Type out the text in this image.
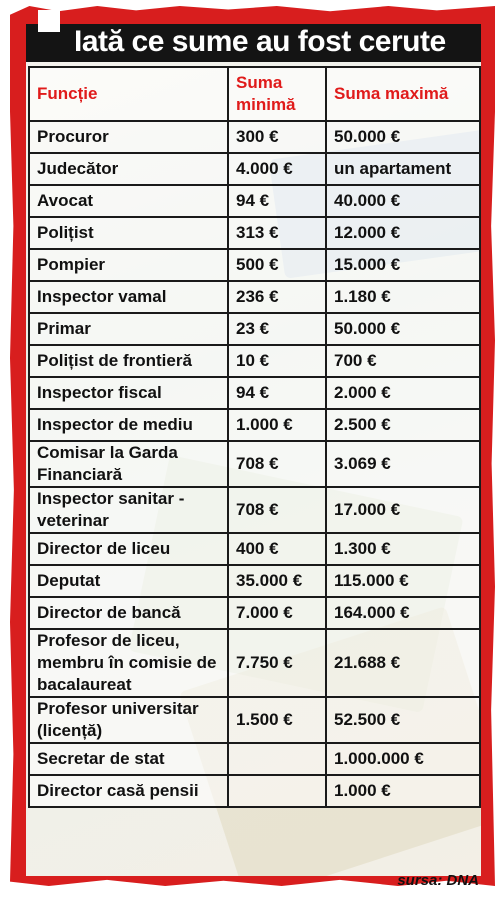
Iată ce sume au fost cerute
Funcție	Suma minimă	Suma maximă
Procuror	300 €	50.000 €
Judecător	4.000 €	un apartament
Avocat	94 €	40.000 €
Polițist	313 €	12.000 €
Pompier	500 €	15.000 €
Inspector vamal	236 €	1.180 €
Primar	23 €	50.000 €
Polițist de frontieră	10 €	700 €
Inspector fiscal	94 €	2.000 €
Inspector de mediu	1.000 €	2.500 €
Comisar la Garda Financiară	708 €	3.069 €
Inspector sanitar - veterinar	708 €	17.000 €
Director de liceu	400 €	1.300 €
Deputat	35.000 €	115.000 €
Director de bancă	7.000 €	164.000 €
Profesor de liceu, membru în comisie de bacalaureat	7.750 €	21.688 €
Profesor universitar (licență)	1.500 €	52.500 €
Secretar de stat		1.000.000 €
Director casă pensii		1.000 €
sursa: DNA
